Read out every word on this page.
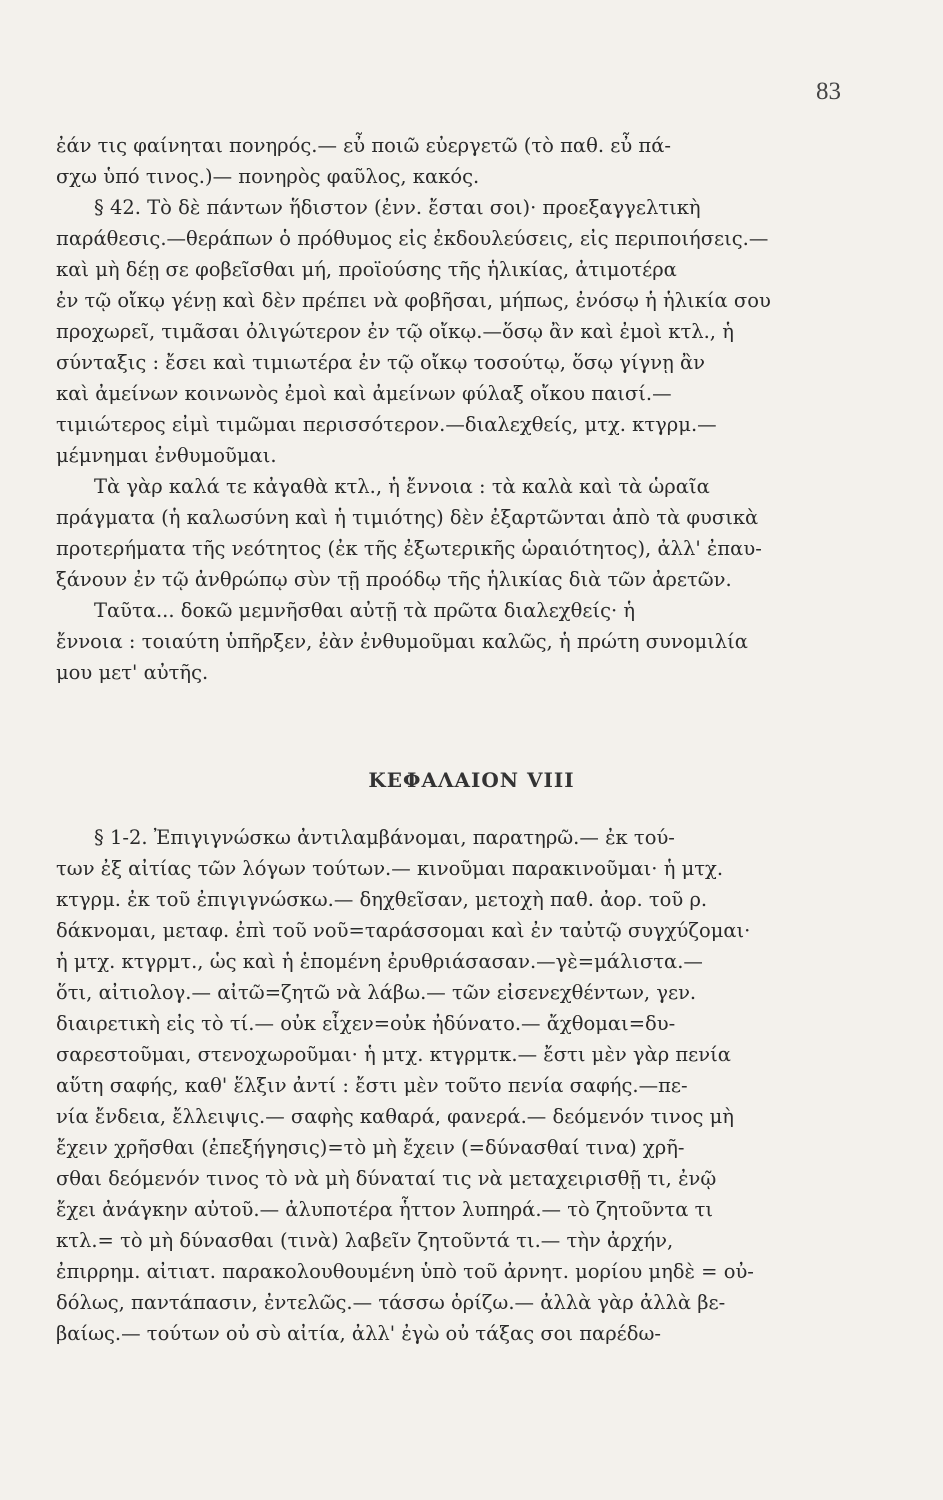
83
ἐάν τις φαίνηται πονηρός.— εὖ ποιῶ εὐεργετῶ (τὸ παθ. εὖ πά-
σχω ὑπό τινος.)— πονηρὸς φαῦλος, κακός.
§ 42. Τὸ δὲ πάντων ἥδιστον (ἐνν. ἔσται σοι)· προεξαγγελτικὴ
παράθεσις.—θεράπων ὁ πρόθυμος εἰς ἐκδουλεύσεις, εἰς περιποιήσεις.—
καὶ μὴ δέῃ σε φοβεῖσθαι μή, προϊούσης τῆς ἡλικίας, ἀτιμοτέρα
ἐν τῷ οἴκῳ γένῃ καὶ δὲν πρέπει νὰ φοβῆσαι, μήπως, ἐνόσῳ ἡ ἡλικία σου
προχωρεῖ, τιμᾶσαι ὀλιγώτερον ἐν τῷ οἴκῳ.—ὅσῳ ἂν καὶ ἐμοὶ κτλ., ἡ
σύνταξις : ἔσει καὶ τιμιωτέρα ἐν τῷ οἴκῳ τοσούτῳ, ὅσῳ γίγνῃ ἂν
καὶ ἀμείνων κοινωνὸς ἐμοὶ καὶ ἀμείνων φύλαξ οἴκου παισί.—
τιμιώτερος εἰμὶ τιμῶμαι περισσότερον.—διαλεχθείς, μτχ. κτγρμ.—
μέμνημαι ἐνθυμοῦμαι.
Τὰ γὰρ καλά τε κἀγαθὰ κτλ., ἡ ἔννοια : τὰ καλὰ καὶ τὰ ὡραῖα
πράγματα (ἡ καλωσύνη καὶ ἡ τιμιότης) δὲν ἐξαρτῶνται ἀπὸ τὰ φυσικὰ
προτερήματα τῆς νεότητος (ἐκ τῆς ἐξωτερικῆς ὡραιότητος), ἀλλ' ἐπαυ-
ξάνουν ἐν τῷ ἀνθρώπῳ σὺν τῇ προόδῳ τῆς ἡλικίας διὰ τῶν ἀρετῶν.
Ταῦτα... δοκῶ μεμνῆσθαι αὐτῇ τὰ πρῶτα διαλεχθείς· ἡ
ἔννοια : τοιαύτη ὑπῆρξεν, ἐὰν ἐνθυμοῦμαι καλῶς, ἡ πρώτη συνομιλία
μου μετ' αὐτῆς.
ΚΕΦΑΛΑΙΟΝ VIII
§ 1-2. Ἐπιγιγνώσκω ἀντιλαμβάνομαι, παρατηρῶ.— ἐκ τού-
των ἐξ αἰτίας τῶν λόγων τούτων.— κινοῦμαι παρακινοῦμαι· ἡ μτχ.
κτγρμ. ἐκ τοῦ ἐπιγιγνώσκω.— δηχθεῖσαν, μετοχὴ παθ. ἀορ. τοῦ ρ.
δάκνομαι, μεταφ. ἐπὶ τοῦ νοῦ=ταράσσομαι καὶ ἐν ταὐτῷ συγχύζομαι·
ἡ μτχ. κτγρμτ., ὡς καὶ ἡ ἑπομένη ἐρυθριάσασαν.—γὲ=μάλιστα.—
ὅτι, αἰτιολογ.— αἰτῶ=ζητῶ νὰ λάβω.— τῶν εἰσενεχθέντων, γεν.
διαιρετικὴ εἰς τὸ τί.— οὐκ εἶχεν=οὐκ ἠδύνατο.— ἄχθομαι=δυ-
σαρεστοῦμαι, στενοχωροῦμαι· ἡ μτχ. κτγρμτκ.— ἔστι μὲν γὰρ πενία
αὕτη σαφής, καθ' ἕλξιν ἀντί : ἔστι μὲν τοῦτο πενία σαφής.—πε-
νία ἔνδεια, ἔλλειψις.— σαφὴς καθαρά, φανερά.— δεόμενόν τινος μὴ
ἔχειν χρῆσθαι (ἐπεξήγησις)=τὸ μὴ ἔχειν (=δύνασθαί τινα) χρῆ-
σθαι δεόμενόν τινος τὸ νὰ μὴ δύναταί τις νὰ μεταχειρισθῇ τι, ἐνῷ
ἔχει ἀνάγκην αὐτοῦ.— ἀλυποτέρα ἧττον λυπηρά.— τὸ ζητοῦντα τι
κτλ.= τὸ μὴ δύνασθαι (τινὰ) λαβεῖν ζητοῦντά τι.— τὴν ἀρχήν,
ἐπιρρημ. αἰτιατ. παρακολουθουμένη ὑπὸ τοῦ ἀρνητ. μορίου μηδὲ = οὐ-
δόλως, παντάπασιν, ἐντελῶς.— τάσσω ὁρίζω.— ἀλλὰ γὰρ ἀλλὰ βε-
βαίως.— τούτων οὐ σὺ αἰτία, ἀλλ' ἐγὼ οὐ τάξας σοι παρέδω-
